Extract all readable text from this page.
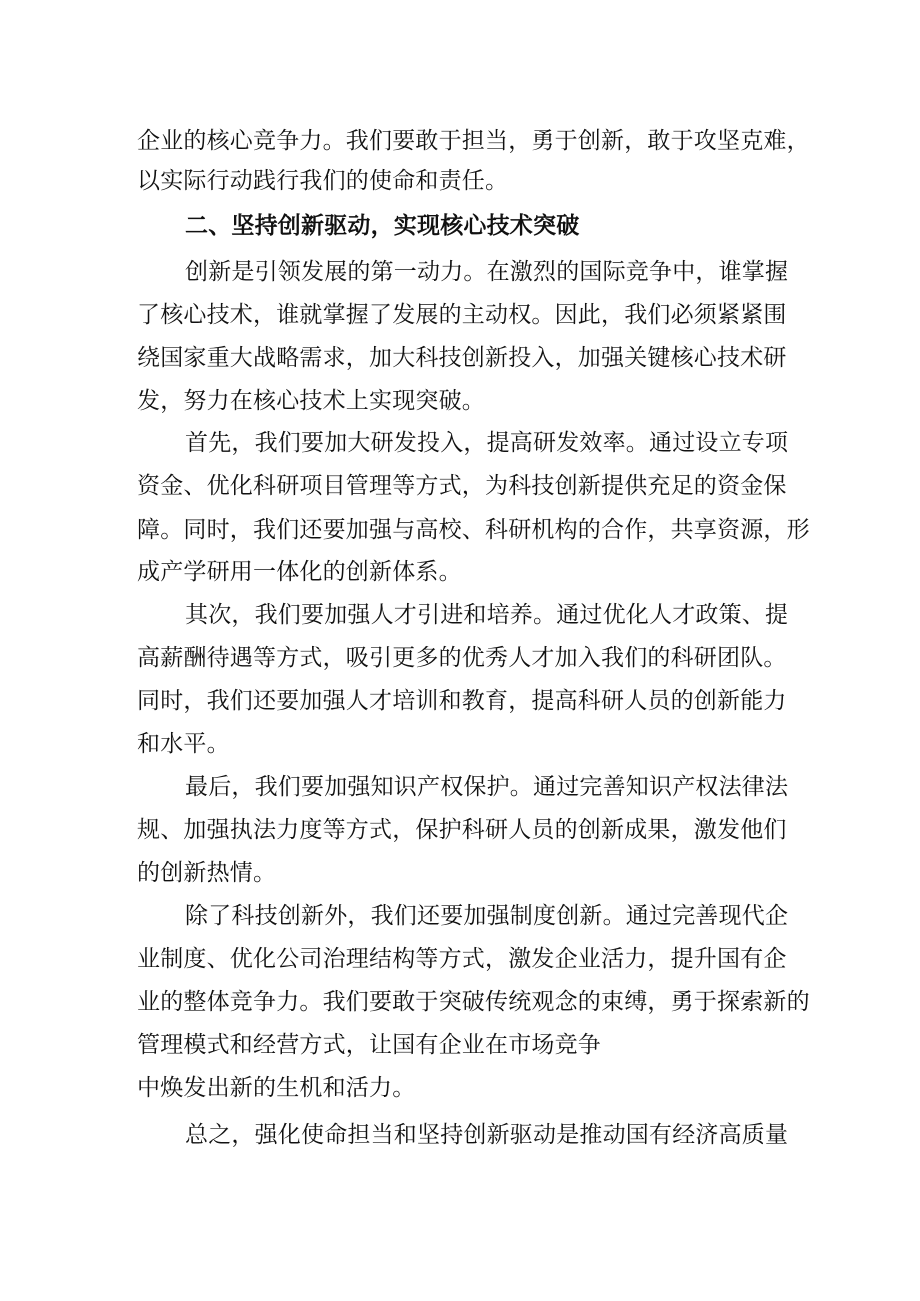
企业的核心竞争力。我们要敢于担当，勇于创新，敢于攻坚克难，
以实际行动践行我们的使命和责任。
二、坚持创新驱动，实现核心技术突破
创新是引领发展的第一动力。在激烈的国际竞争中，谁掌握
了核心技术，谁就掌握了发展的主动权。因此，我们必须紧紧围
绕国家重大战略需求，加大科技创新投入，加强关键核心技术研
发，努力在核心技术上实现突破。
首先，我们要加大研发投入，提高研发效率。通过设立专项
资金、优化科研项目管理等方式，为科技创新提供充足的资金保
障。同时，我们还要加强与高校、科研机构的合作，共享资源，形
成产学研用一体化的创新体系。
其次，我们要加强人才引进和培养。通过优化人才政策、提
高薪酬待遇等方式，吸引更多的优秀人才加入我们的科研团队。
同时，我们还要加强人才培训和教育，提高科研人员的创新能力
和水平。
最后，我们要加强知识产权保护。通过完善知识产权法律法
规、加强执法力度等方式，保护科研人员的创新成果，激发他们
的创新热情。
除了科技创新外，我们还要加强制度创新。通过完善现代企
业制度、优化公司治理结构等方式，激发企业活力，提升国有企
业的整体竞争力。我们要敢于突破传统观念的束缚，勇于探索新的
管理模式和经营方式，让国有企业在市场竞争
中焕发出新的生机和活力。
总之，强化使命担当和坚持创新驱动是推动国有经济高质量
